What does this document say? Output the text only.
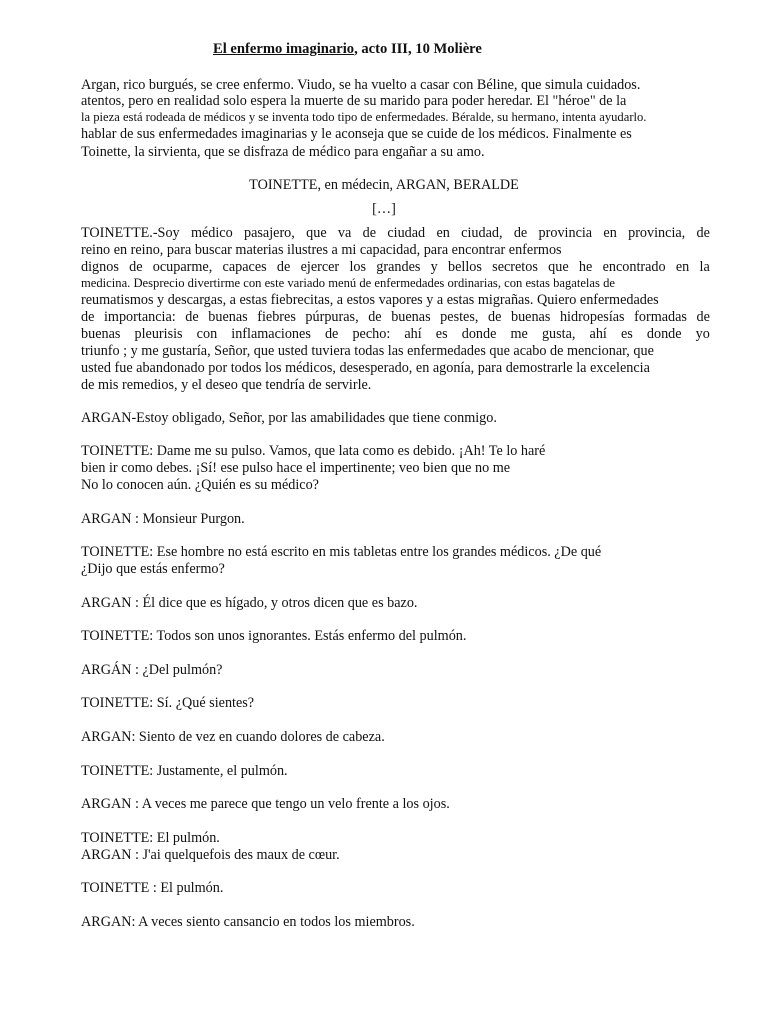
El enfermo imaginario, acto III, 10 Molière
Argan, rico burgués, se cree enfermo. Viudo, se ha vuelto a casar con Béline, que simula cuidados.
atentos, pero en realidad solo espera la muerte de su marido para poder heredar. El "héroe" de la
la pieza está rodeada de médicos y se inventa todo tipo de enfermedades. Béralde, su hermano, intenta ayudarlo.
hablar de sus enfermedades imaginarias y le aconseja que se cuide de los médicos. Finalmente es
Toinette, la sirvienta, que se disfraza de médico para engañar a su amo.
TOINETTE, en médecin, ARGAN, BERALDE
[…]
TOINETTE.-Soy médico pasajero, que va de ciudad en ciudad, de provincia en provincia, de
reino en reino, para buscar materias ilustres a mi capacidad, para encontrar enfermos
dignos de ocuparme, capaces de ejercer los grandes y bellos secretos que he encontrado en la
medicina. Desprecio divertirme con este variado menú de enfermedades ordinarias, con estas bagatelas de
reumatismos y descargas, a estas fiebrecitas, a estos vapores y a estas migrañas. Quiero enfermedades
de importancia: de buenas fiebres púrpuras, de buenas pestes, de buenas hidropesías formadas de
buenas pleurisis con inflamaciones de pecho: ahí es donde me gusta, ahí es donde yo
triunfo ; y me gustaría, Señor, que usted tuviera todas las enfermedades que acabo de mencionar, que
usted fue abandonado por todos los médicos, desesperado, en agonía, para demostrarle la excelencia
de mis remedios, y el deseo que tendría de servirle.
ARGAN-Estoy obligado, Señor, por las amabilidades que tiene conmigo.
TOINETTE: Dame me su pulso. Vamos, que lata como es debido. ¡Ah! Te lo haré
bien ir como debes. ¡Sí! ese pulso hace el impertinente; veo bien que no me
No lo conocen aún. ¿Quién es su médico?
ARGAN : Monsieur Purgon.
TOINETTE: Ese hombre no está escrito en mis tabletas entre los grandes médicos. ¿De qué
¿Dijo que estás enfermo?
ARGAN : Él dice que es hígado, y otros dicen que es bazo.
TOINETTE: Todos son unos ignorantes. Estás enfermo del pulmón.
ARGÁN : ¿Del pulmón?
TOINETTE: Sí. ¿Qué sientes?
ARGAN: Siento de vez en cuando dolores de cabeza.
TOINETTE: Justamente, el pulmón.
ARGAN : A veces me parece que tengo un velo frente a los ojos.
TOINETTE: El pulmón.
ARGAN : J'ai quelquefois des maux de cœur.
TOINETTE : El pulmón.
ARGAN: A veces siento cansancio en todos los miembros.
